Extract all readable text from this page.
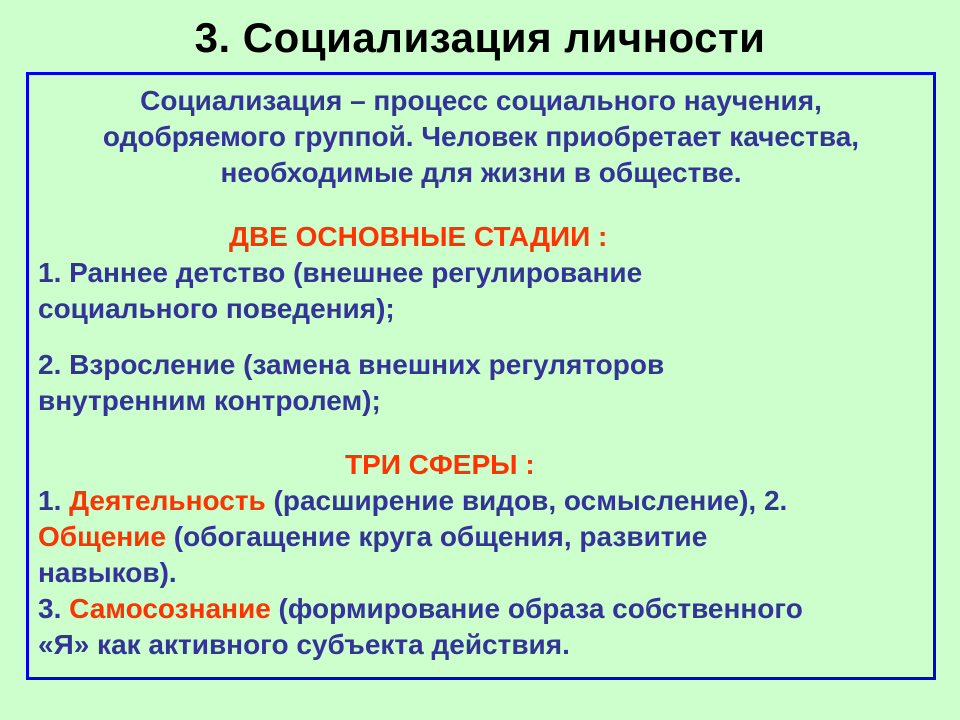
3. Социализация личности
Социализация – процесс социального научения,
одобряемого группой. Человек приобретает качества,
необходимые для жизни в обществе.
ДВЕ ОСНОВНЫЕ СТАДИИ :
1. Раннее детство (внешнее регулирование
социального поведения);
2. Взросление (замена внешних регуляторов
внутренним контролем);
ТРИ СФЕРЫ :
1. Деятельность (расширение видов, осмысление), 2.
Общение (обогащение круга общения, развитие
навыков).
3. Самосознание (формирование образа собственного
«Я» как активного субъекта действия.
